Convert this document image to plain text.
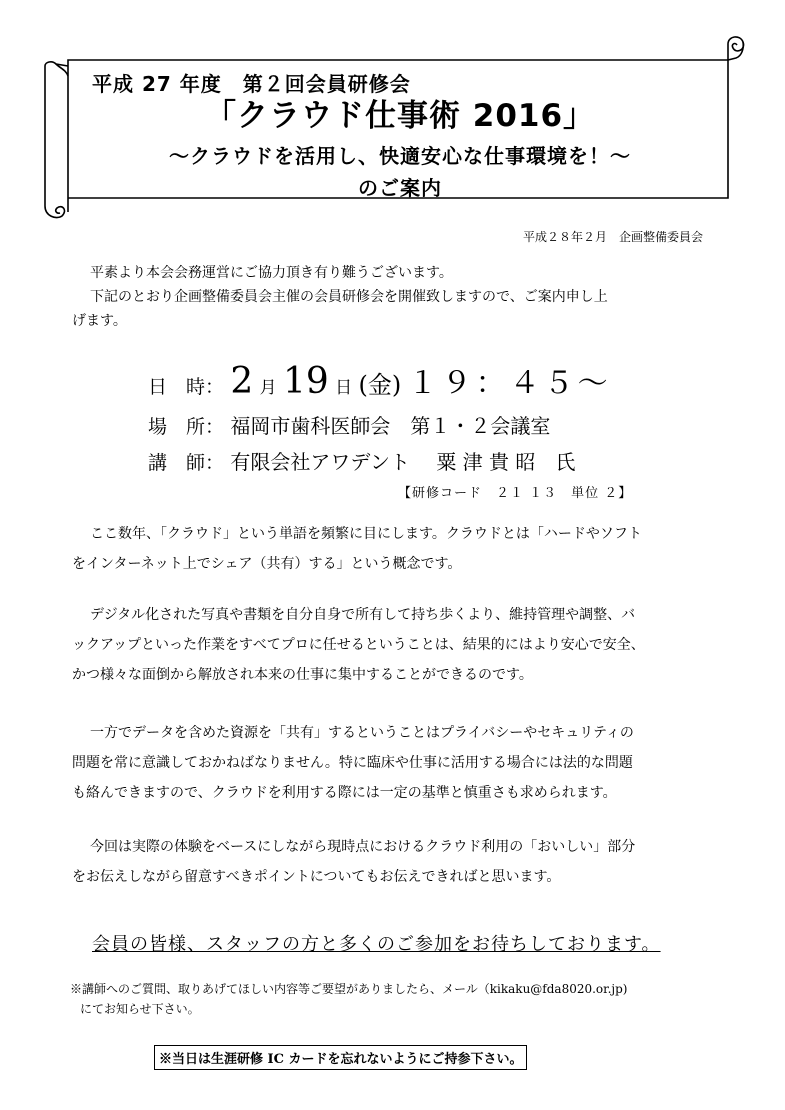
平成 27 年度　第２回会員研修会
「クラウド仕事術 2016」
～クラウドを活用し、快適安心な仕事環境を！～
のご案内
平成２８年２月　企画整備委員会
平素より本会会務運営にご協力頂き有り難うございます。
下記のとおり企画整備委員会主催の会員研修会を開催致しますので、ご案内申し上
げます。
日　時： 2 月 19 日 (金) １９：４５～
場　所： 福岡市歯科医師会　第１・２会議室
講　師： 有限会社アワデント　 粟 津 貴 昭　氏
【研修コード　２１ １３　単位 ２】
ここ数年、「クラウド」という単語を頻繁に目にします。クラウドとは「ハードやソフト
をインターネット上でシェア（共有）する」という概念です。
デジタル化された写真や書類を自分自身で所有して持ち歩くより、維持管理や調整、バ
ックアップといった作業をすべてプロに任せるということは、結果的にはより安心で安全、
かつ様々な面倒から解放され本来の仕事に集中することができるのです。
一方でデータを含めた資源を「共有」するということはプライバシーやセキュリティの
問題を常に意識しておかねばなりません。特に臨床や仕事に活用する場合には法的な問題
も絡んできますので、クラウドを利用する際には一定の基準と慎重さも求められます。
今回は実際の体験をベースにしながら現時点におけるクラウド利用の「おいしい」部分
をお伝えしながら留意すべきポイントについてもお伝えできればと思います。
会員の皆様、スタッフの方と多くのご参加をお待ちしております。
※講師へのご質問、取りあげてほしい内容等ご要望がありましたら、メール（kikaku@fda8020.or.jp)
にてお知らせ下さい。
※当日は生涯研修 IC カードを忘れないようにご持参下さい。
